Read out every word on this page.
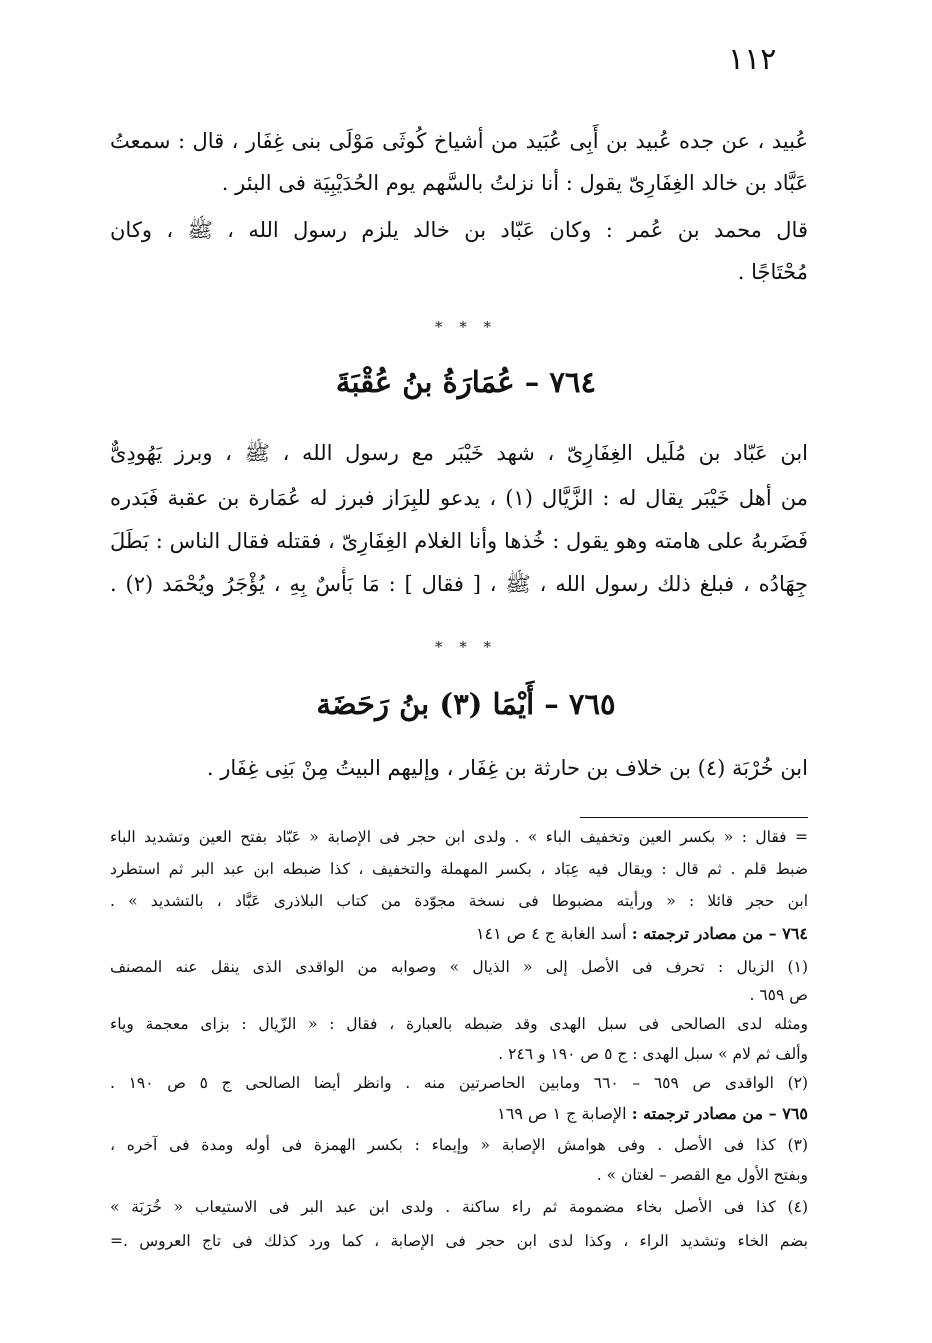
١١٢
عُبيد ، عن جده عُبيد بن أَبِى عُبَيد من أشياخ كُوثَى مَوْلَى بنى غِفَار ، قال : سمعتُ
عَبَّاد بن خالد الغِفَارِىّ يقول : أنا نزلتُ بالسَّهم يوم الحُدَيْبِيَة فى البئر .
قال محمد بن عُمر : وكان عَبّاد بن خالد يلزم رسول الله ، ﷺ ، وكان
مُحْتَاجًا .
* * *
٧٦٤ – عُمَارَةُ بنُ عُقْبَةَ
ابن عَبّاد بن مُلَيل الغِفَارِىّ ، شهد خَيْبَر مع رسول الله ، ﷺ ، وبرز يَهُودِىٌّ
من أهل خَيْبَر يقال له : الزَّيَّال (١) ، يدعو للبِرَاز فبرز له عُمَارة بن عقبة فَبَدره
فَضَربهُ على هامته وهو يقول : خُذها وأنا الغلام الغِفَارِىّ ، فقتله فقال الناس : بَطَلَ
جِهَادُه ، فبلغ ذلك رسول الله ، ﷺ ، [ فقال ] : مَا بَأْسٌ بِهِ ، يُؤْجَرُ ويُحْمَد (٢) .
* * *
٧٦٥ – أَيْمَا (٣) بنُ رَحَضَة
ابن خُرْبَة (٤) بن خلاف بن حارثة بن غِفَار ، وإليهم البيتُ مِنْ بَنِى غِفَار .
= فقال : « بكسر العين وتخفيف الباء » . ولدى ابن حجر فى الإصابة « عَبّاد بفتح العين وتشديد الباء
ضبط قلم . ثم قال : ويقال فيه عِبَاد ، بكسر المهملة والتخفيف ، كذا ضبطه ابن عبد البر ثم استطرد
ابن حجر قائلا : « ورأيته مضبوطا فى نسخة مجوّدة من كتاب البلاذرى عَبَّاد ، بالتشديد » .
٧٦٤ – من مصادر ترجمته : أسد الغابة ج ٤ ص ١٤١
(١) الزيال : تحرف فى الأصل إلى « الذيال » وصوابه من الواقدى الذى ينقل عنه المصنف
ص ٦٥٩ .
ومثله لدى الصالحى فى سبل الهدى وقد ضبطه بالعبارة ، فقال : « الزّيال : بزاى معجمة وياء
وألف ثم لام » سبل الهدى : ج ٥ ص ١٩٠ و ٢٤٦ .
(٢) الواقدى ص ٦٥٩ – ٦٦٠ ومابين الحاصرتين منه . وانظر أيضا الصالحى ج ٥ ص ١٩٠ .
٧٦٥ – من مصادر ترجمته : الإصابة ج ١ ص ١٦٩
(٣) كذا فى الأصل . وفى هوامش الإصابة « وإيماء : بكسر الهمزة فى أوله ومدة فى آخره ،
وبفتح الأول مع القصر – لغتان » .
(٤) كذا فى الأصل بخاء مضمومة ثم راء ساكنة . ولدى ابن عبد البر فى الاستيعاب « خُرَبَة »
بضم الخاء وتشديد الراء ، وكذا لدى ابن حجر فى الإصابة ، كما ورد كذلك فى تاج العروس .=
